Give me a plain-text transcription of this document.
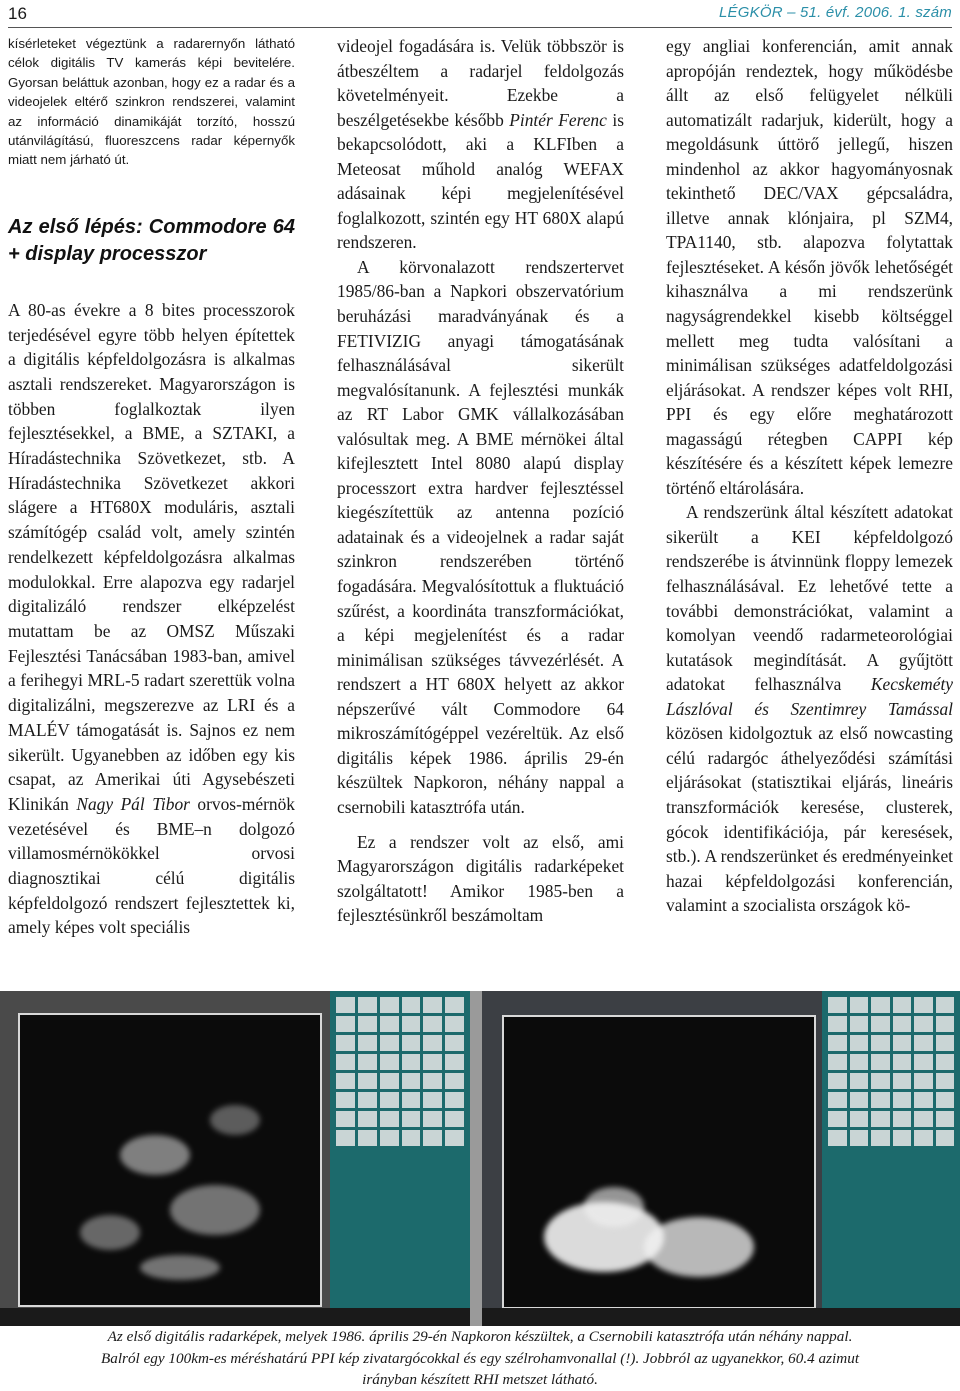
16	LÉGKÖR – 51. évf. 2006. 1. szám

kísérleteket végeztünk a radarernyőn látható célok digitális TV kamerás képi bevitelére. Gyorsan beláttuk azonban, hogy ez a radar és a videojelek eltérő szinkron rendszerei, valamint az információ dinamikáját torzító, hosszú utánvilágítású, fluoreszcens radar képernyők miatt nem járható út.

Az első lépés: Commodore 64 + display processzor

A 80-as évekre a 8 bites processzorok terjedésével egyre több helyen építettek a digitális képfeldolgozásra is alkalmas asztali rendszereket. Magyarországon is többen foglalkoztak ilyen fejlesztésekkel, a BME, a SZTAKI, a Híradástechnika Szövetkezet, stb. A Híradástechnika Szövetkezet akkori slágere a HT680X moduláris, asztali számítógép család volt, amely szintén rendelkezett képfeldolgozásra alkalmas modulokkal. Erre alapozva egy radarjel digitalizáló rendszer elképzelést mutattam be az OMSZ Műszaki Fejlesztési Tanácsában 1983-ban, amivel a ferihegyi MRL-5 radart szerettük volna digitalizálni, megszerezve az LRI és a MALÉV támogatását is. Sajnos ez nem sikerült. Ugyanebben az időben egy kis csapat, az Amerikai úti Agysebészeti Klinikán Nagy Pál Tibor orvos-mérnök vezetésével és BME–n dolgozó villamosmérnökökkel orvosi diagnosztikai célú digitális képfeldolgozó rendszert fejlesztettek ki, amely képes volt speciális

videojel fogadására is. Velük többször is átbeszéltem a radarjel feldolgozás követelményeit. Ezekbe a beszélgetésekbe később Pintér Ferenc is bekapcsolódott, aki a KLFIben a Meteosat műhold analóg WEFAX adásainak képi megjelenítésével foglalkozott, szintén egy HT 680X alapú rendszeren.

A körvonalazott rendszertervet 1985/86-ban a Napkori obszervatórium beruházási maradványának és a FETIVIZIG anyagi támogatásának felhasználásával sikerült megvalósítanunk. A fejlesztési munkák az RT Labor GMK vállalkozásában valósultak meg. A BME mérnökei által kifejlesztett Intel 8080 alapú display processzort extra hardver fejlesztéssel kiegészítettük az antenna pozíció adatainak és a videojelnek a radar saját szinkron rendszerében történő fogadására. Megvalósítottuk a fluktuáció szűrést, a koordináta transzformációkat, a képi megjelenítést és a radar minimálisan szükséges távvezérlését. A rendszert a HT 680X helyett az akkor népszerűvé vált Commodore 64 mikroszámítógéppel vezéreltük. Az első digitális képek 1986. április 29-én készültek Napkoron, néhány nappal a csernobili katasztrófa után.

Ez a rendszer volt az első, ami Magyarországon digitális radarképeket szolgáltatott! Amikor 1985-ben a fejlesztésünkről beszámoltam

egy angliai konferencián, amit annak apropóján rendeztek, hogy működésbe állt az első felügyelet nélküli automatizált radarjuk, kiderült, hogy a megoldásunk úttörő jellegű, hiszen mindenhol az akkor hagyományosnak tekinthető DEC/VAX gépcsaládra, illetve annak klónjaira, pl SZM4, TPA1140, stb. alapozva folytattak fejlesztéseket. A későn jövők lehetőségét kihasználva a mi rendszerünk nagyságrendekkel kisebb költséggel mellett meg tudta valósítani a minimálisan szükséges adatfeldolgozási eljárásokat. A rendszer képes volt RHI, PPI és egy előre meghatározott magasságú rétegben CAPPI kép készítésére és a készített képek lemezre történő eltárolására.

A rendszerünk által készített adatokat sikerült a KEI képfeldolgozó rendszerébe is átvinnünk floppy lemezek felhasználásával. Ez lehetővé tette a további demonstrációkat, valamint a komolyan veendő radarmeteorológiai kutatások megindítását. A gyűjtött adatokat felhasználva Kecskeméty Lászlóval és Szentimrey Tamással közösen kidolgoztuk az első nowcasting célú radargóc áthelyeződési számítási eljárásokat (statisztikai eljárás, lineáris transzformációk keresése, clusterek, gócok identifikációja, pár keresések, stb.). A rendszerünket és eredményeinket hazai képfeldolgozási konferencián, valamint a szocialista országok kö-

Az első digitális radarképek, melyek 1986. április 29-én Napkoron készültek, a Csernobili katasztrófa után néhány nappal.
Balról egy 100km-es méréshatárú PPI kép zivatargócokkal és egy szélrohamvonallal (!). Jobbról az ugyanekkor, 60.4 azimut
irányban készített RHI metszet látható.
